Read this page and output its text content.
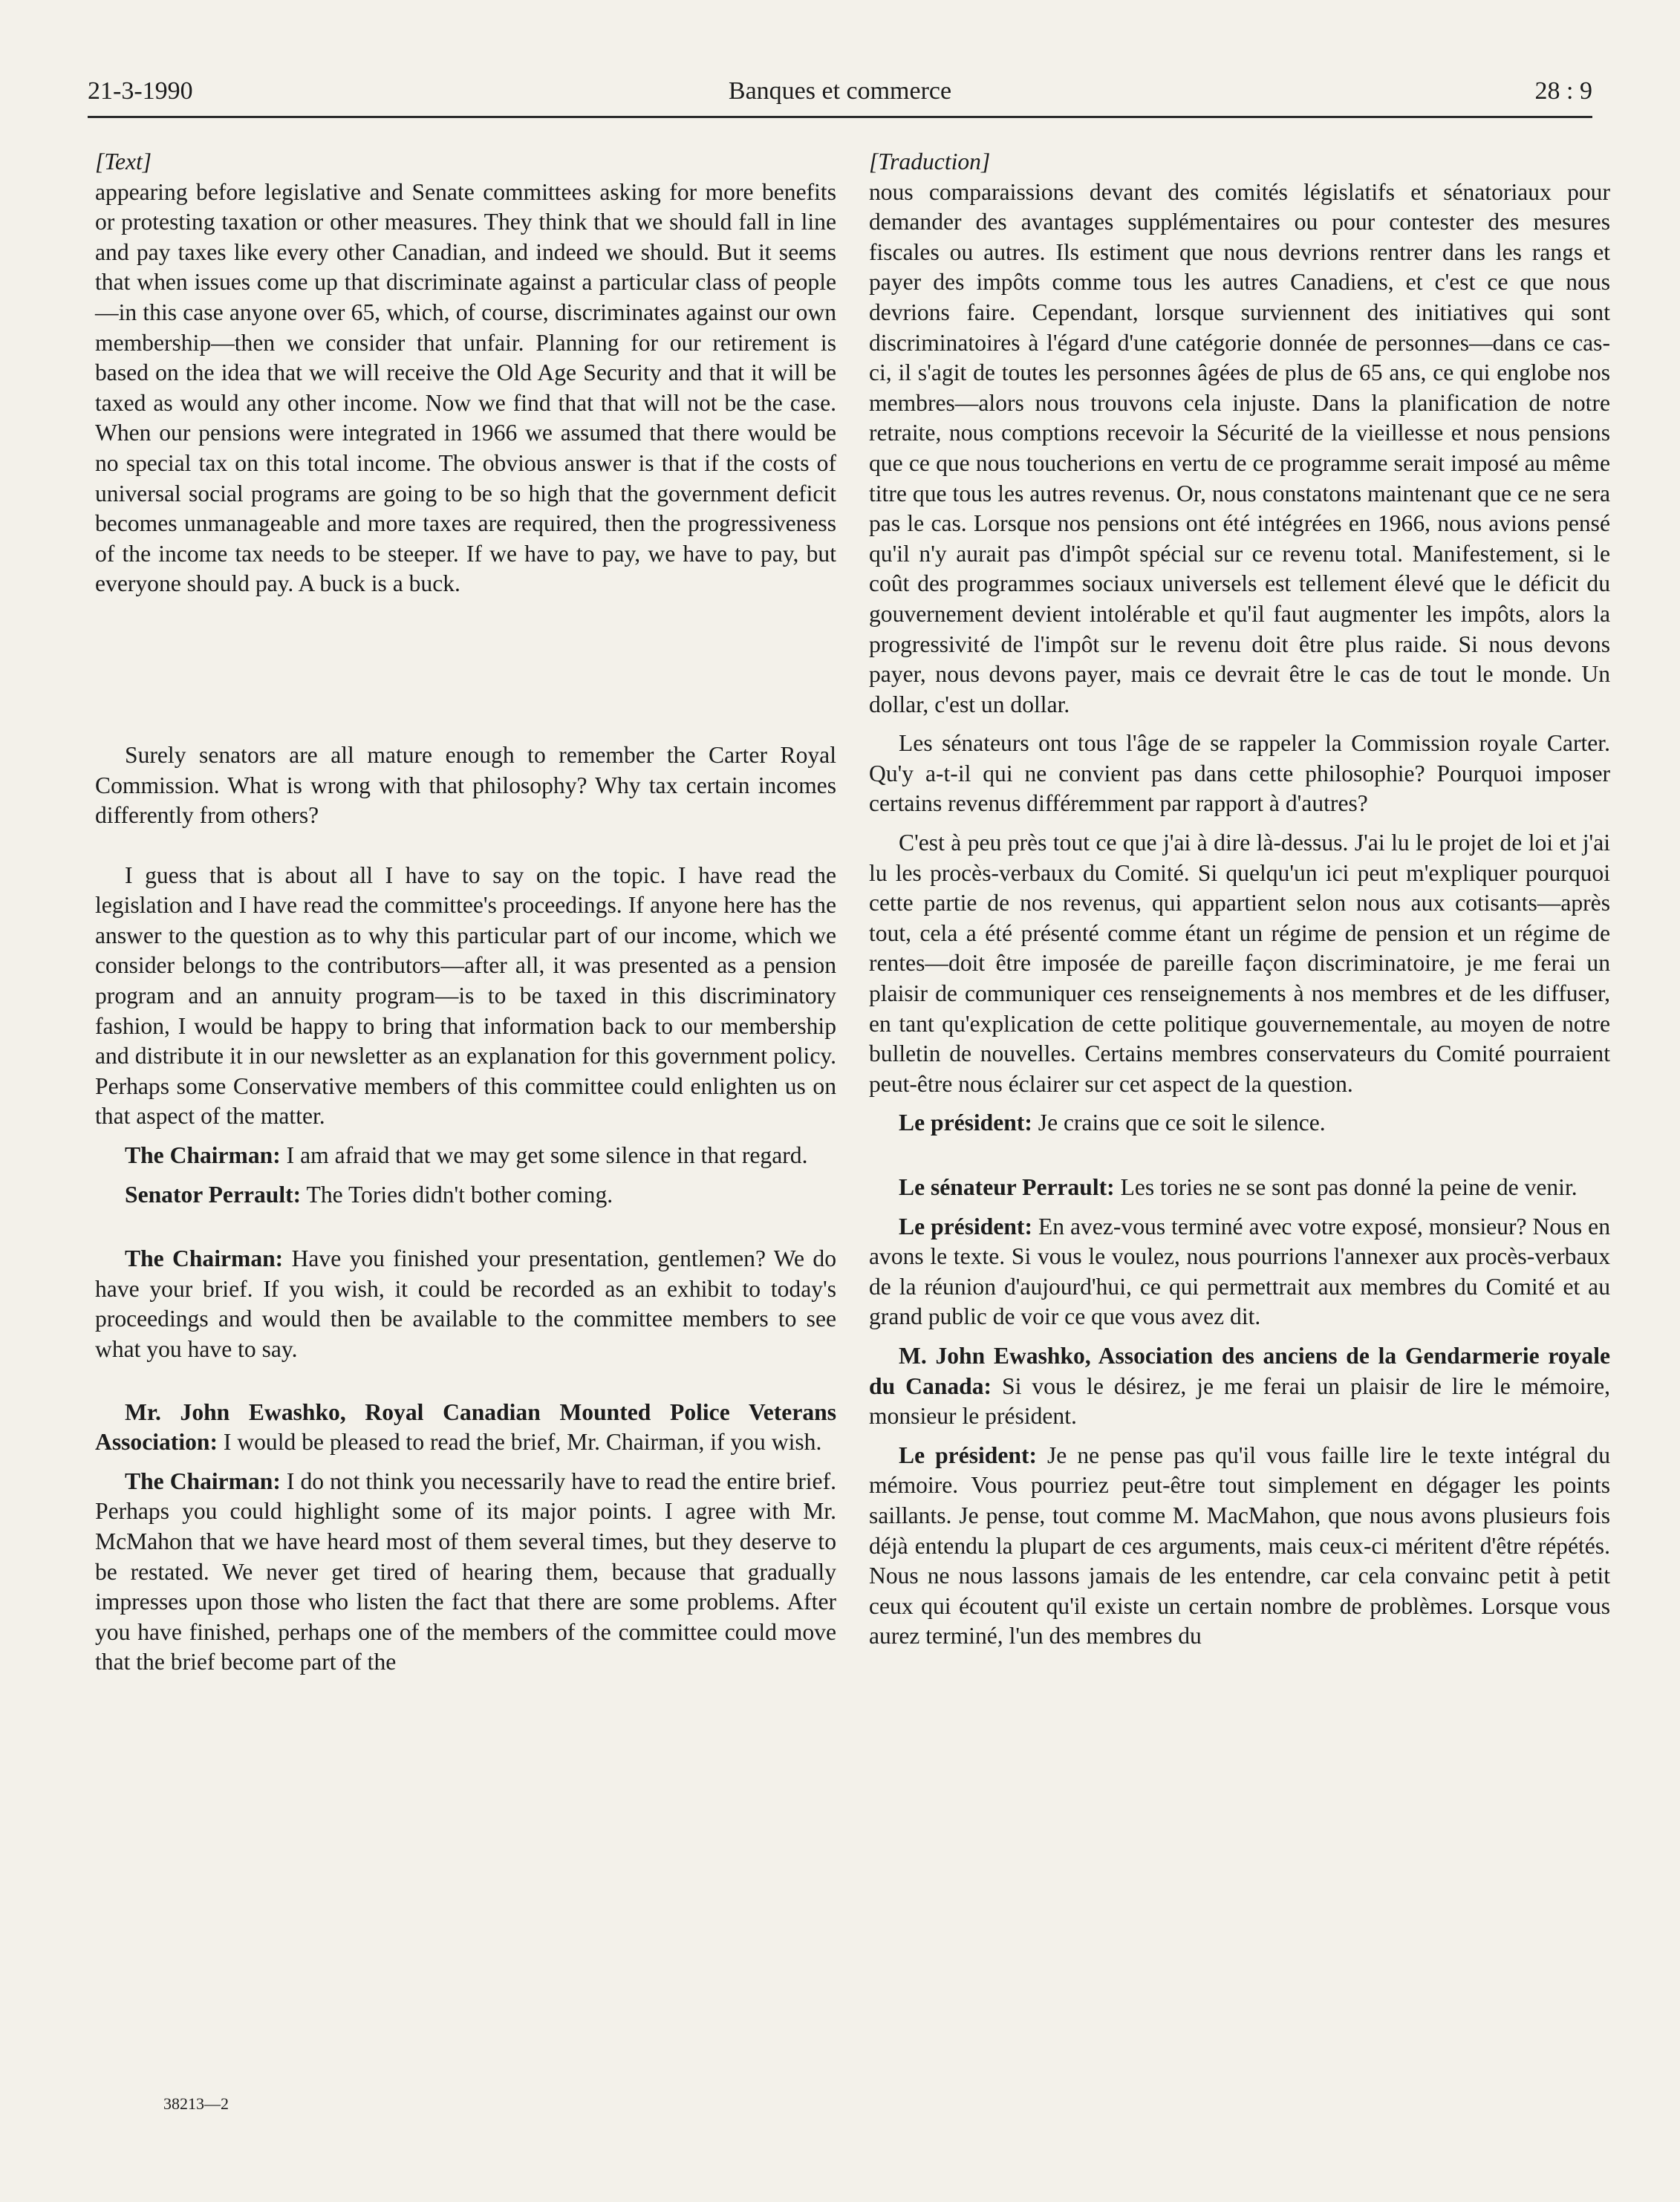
21-3-1990	Banques et commerce	28 : 9

[Text]

appearing before legislative and Senate committees asking for more benefits or protesting taxation or other measures. They think that we should fall in line and pay taxes like every other Canadian, and indeed we should. But it seems that when issues come up that discriminate against a particular class of people—in this case anyone over 65, which, of course, discriminates against our own membership—then we consider that unfair. Planning for our retirement is based on the idea that we will receive the Old Age Security and that it will be taxed as would any other income. Now we find that that will not be the case. When our pensions were integrated in 1966 we assumed that there would be no special tax on this total income. The obvious answer is that if the costs of universal social programs are going to be so high that the government deficit becomes unmanageable and more taxes are required, then the progressiveness of the income tax needs to be steeper. If we have to pay, we have to pay, but everyone should pay. A buck is a buck.

Surely senators are all mature enough to remember the Carter Royal Commission. What is wrong with that philosophy? Why tax certain incomes differently from others?

I guess that is about all I have to say on the topic. I have read the legislation and I have read the committee's proceedings. If anyone here has the answer to the question as to why this particular part of our income, which we consider belongs to the contributors—after all, it was presented as a pension program and an annuity program—is to be taxed in this discriminatory fashion, I would be happy to bring that information back to our membership and distribute it in our newsletter as an explanation for this government policy. Perhaps some Conservative members of this committee could enlighten us on that aspect of the matter.

The Chairman: I am afraid that we may get some silence in that regard.

Senator Perrault: The Tories didn't bother coming.

The Chairman: Have you finished your presentation, gentlemen? We do have your brief. If you wish, it could be recorded as an exhibit to today's proceedings and would then be available to the committee members to see what you have to say.

Mr. John Ewashko, Royal Canadian Mounted Police Veterans Association: I would be pleased to read the brief, Mr. Chairman, if you wish.

The Chairman: I do not think you necessarily have to read the entire brief. Perhaps you could highlight some of its major points. I agree with Mr. McMahon that we have heard most of them several times, but they deserve to be restated. We never get tired of hearing them, because that gradually impresses upon those who listen the fact that there are some problems. After you have finished, perhaps one of the members of the committee could move that the brief become part of the

[Traduction]

nous comparaissions devant des comités législatifs et sénatoriaux pour demander des avantages supplémentaires ou pour contester des mesures fiscales ou autres. Ils estiment que nous devrions rentrer dans les rangs et payer des impôts comme tous les autres Canadiens, et c'est ce que nous devrions faire. Cependant, lorsque surviennent des initiatives qui sont discriminatoires à l'égard d'une catégorie donnée de personnes—dans ce cas-ci, il s'agit de toutes les personnes âgées de plus de 65 ans, ce qui englobe nos membres—alors nous trouvons cela injuste. Dans la planification de notre retraite, nous comptions recevoir la Sécurité de la vieillesse et nous pensions que ce que nous toucherions en vertu de ce programme serait imposé au même titre que tous les autres revenus. Or, nous constatons maintenant que ce ne sera pas le cas. Lorsque nos pensions ont été intégrées en 1966, nous avions pensé qu'il n'y aurait pas d'impôt spécial sur ce revenu total. Manifestement, si le coût des programmes sociaux universels est tellement élevé que le déficit du gouvernement devient intolérable et qu'il faut augmenter les impôts, alors la progressivité de l'impôt sur le revenu doit être plus raide. Si nous devons payer, nous devons payer, mais ce devrait être le cas de tout le monde. Un dollar, c'est un dollar.

Les sénateurs ont tous l'âge de se rappeler la Commission royale Carter. Qu'y a-t-il qui ne convient pas dans cette philosophie? Pourquoi imposer certains revenus différemment par rapport à d'autres?

C'est à peu près tout ce que j'ai à dire là-dessus. J'ai lu le projet de loi et j'ai lu les procès-verbaux du Comité. Si quelqu'un ici peut m'expliquer pourquoi cette partie de nos revenus, qui appartient selon nous aux cotisants—après tout, cela a été présenté comme étant un régime de pension et un régime de rentes—doit être imposée de pareille façon discriminatoire, je me ferai un plaisir de communiquer ces renseignements à nos membres et de les diffuser, en tant qu'explication de cette politique gouvernementale, au moyen de notre bulletin de nouvelles. Certains membres conservateurs du Comité pourraient peut-être nous éclairer sur cet aspect de la question.

Le président: Je crains que ce soit le silence.

Le sénateur Perrault: Les tories ne se sont pas donné la peine de venir.

Le président: En avez-vous terminé avec votre exposé, monsieur? Nous en avons le texte. Si vous le voulez, nous pourrions l'annexer aux procès-verbaux de la réunion d'aujourd'hui, ce qui permettrait aux membres du Comité et au grand public de voir ce que vous avez dit.

M. John Ewashko, Association des anciens de la Gendarmerie royale du Canada: Si vous le désirez, je me ferai un plaisir de lire le mémoire, monsieur le président.

Le président: Je ne pense pas qu'il vous faille lire le texte intégral du mémoire. Vous pourriez peut-être tout simplement en dégager les points saillants. Je pense, tout comme M. MacMahon, que nous avons plusieurs fois déjà entendu la plupart de ces arguments, mais ceux-ci méritent d'être répétés. Nous ne nous lassons jamais de les entendre, car cela convainc petit à petit ceux qui écoutent qu'il existe un certain nombre de problèmes. Lorsque vous aurez terminé, l'un des membres du

38213—2
